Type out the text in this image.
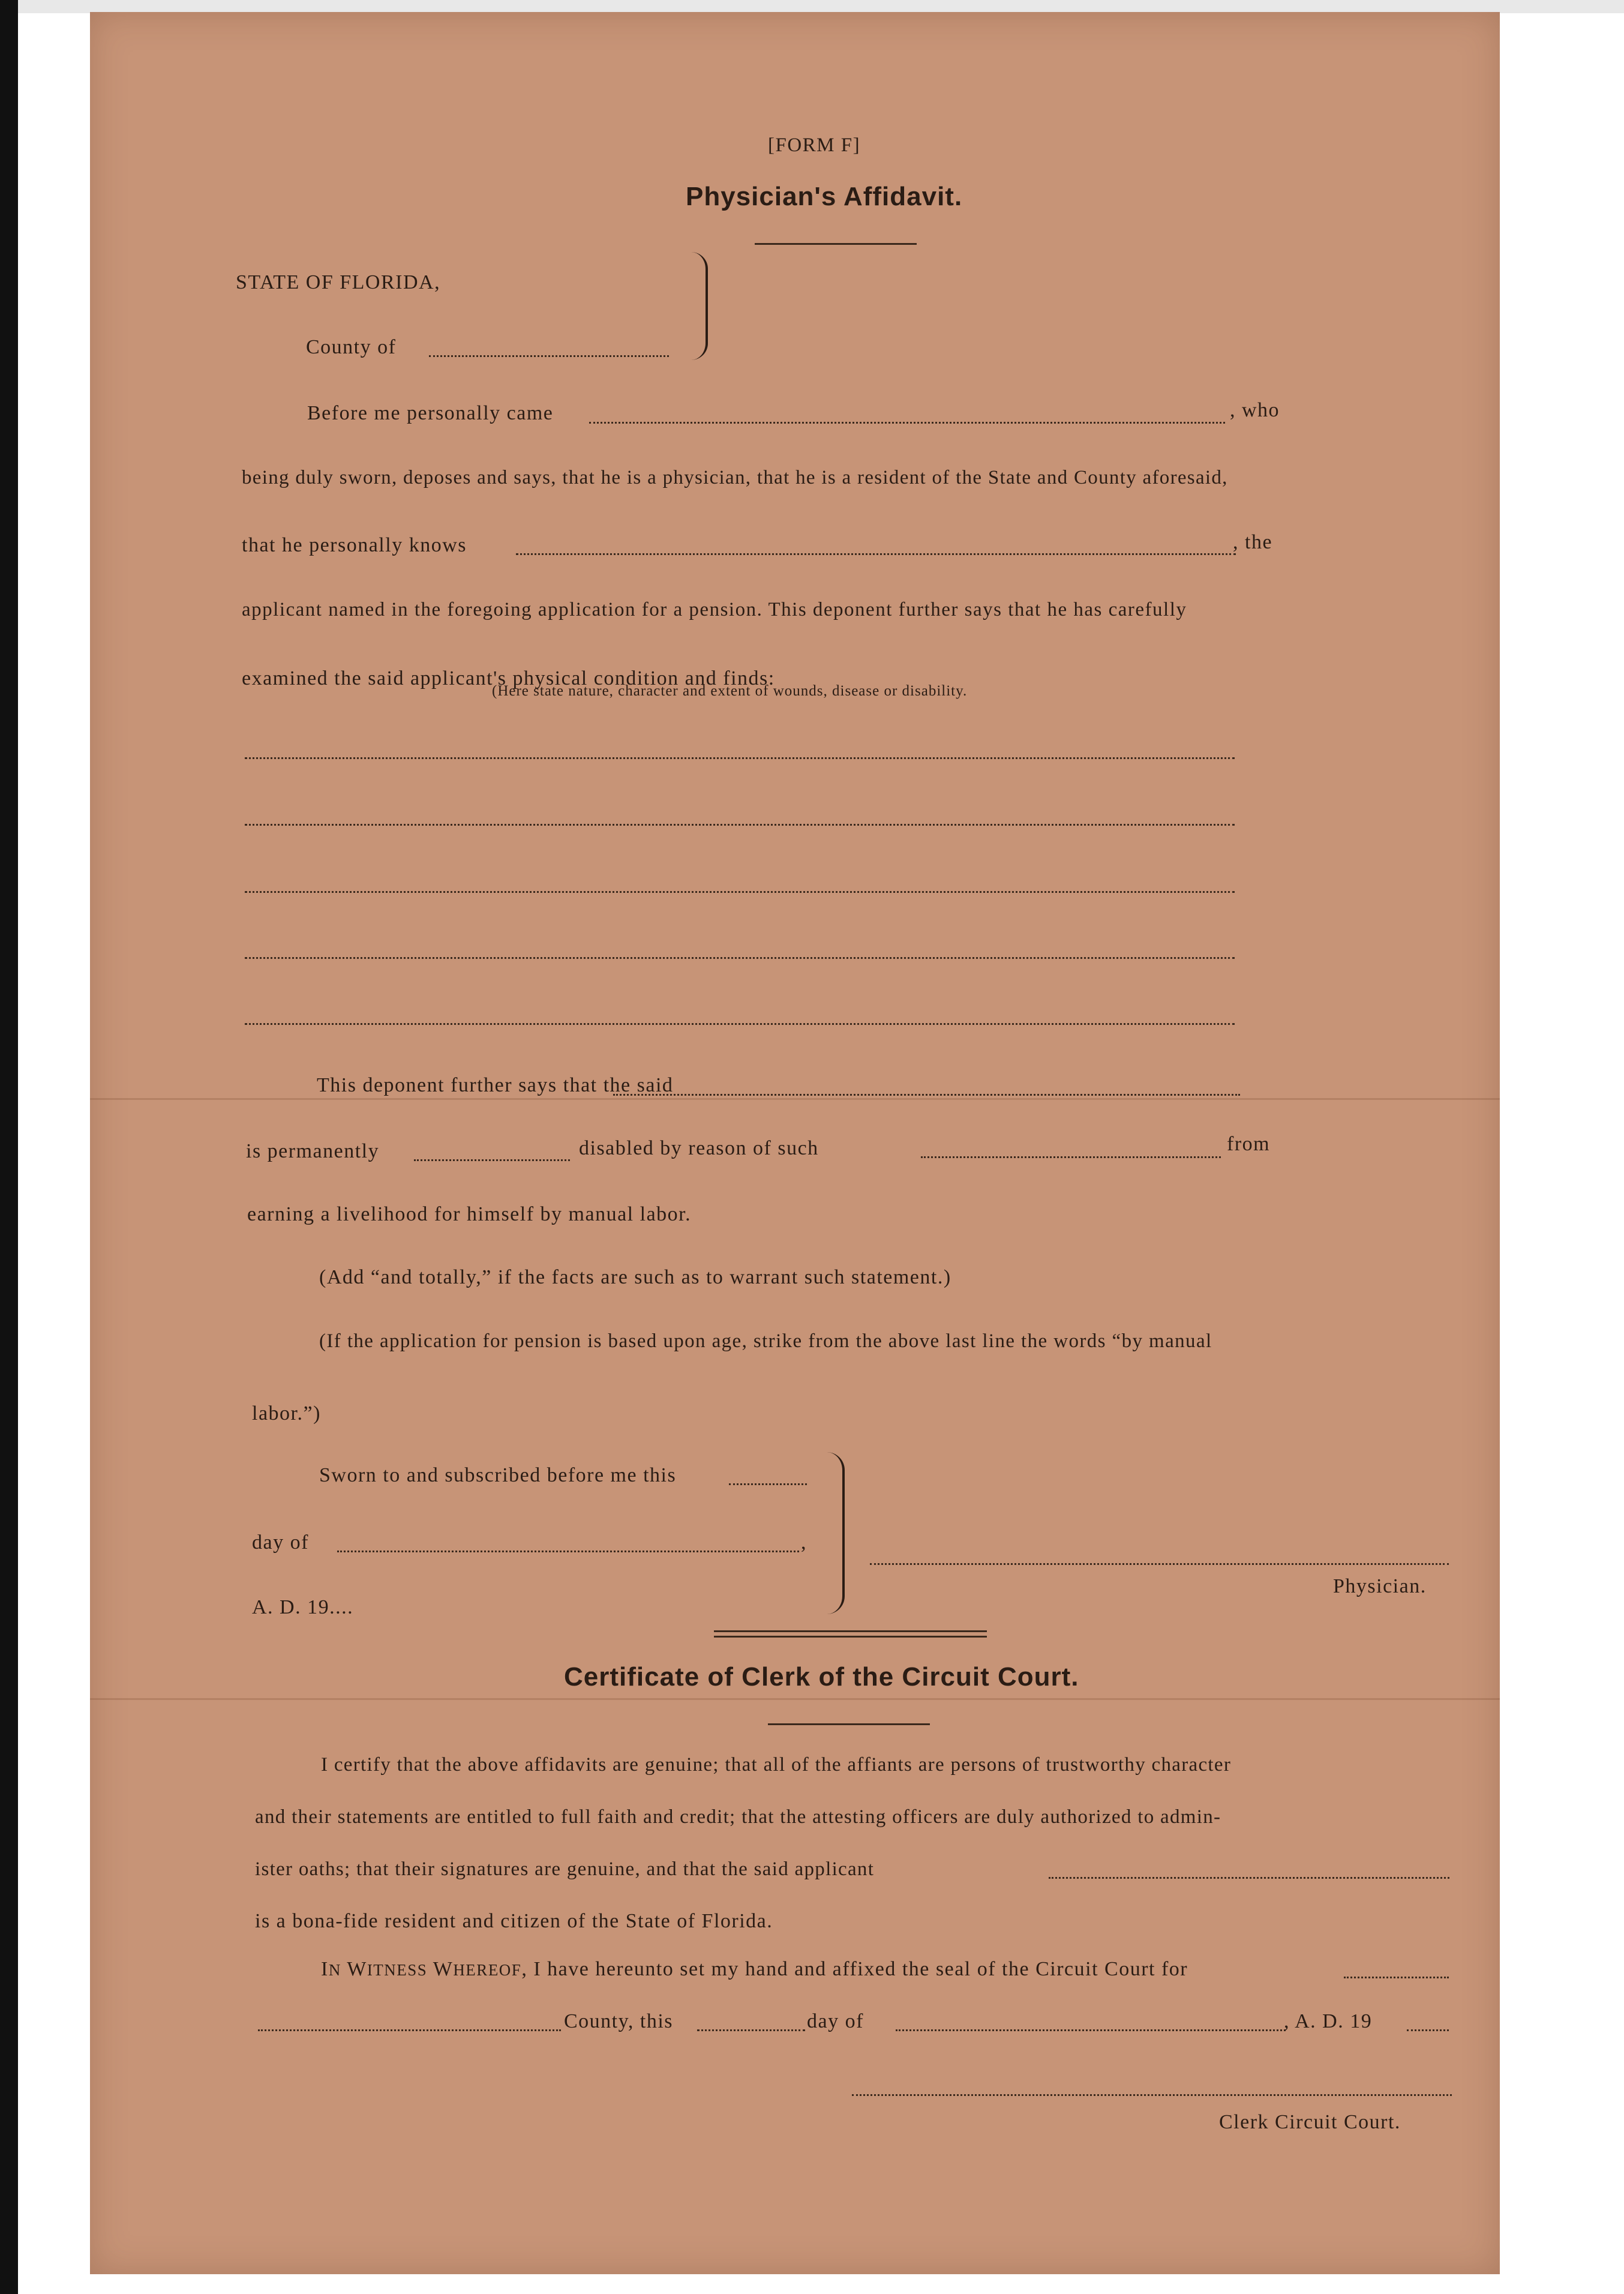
[FORM F]
Physician's Affidavit.
STATE OF FLORIDA,
County of
Before me personally came	, who
being duly sworn, deposes and says, that he is a physician, that he is a resident of the State and County aforesaid,
that he personally knows	, the
applicant named in the foregoing application for a pension. This deponent further says that he has carefully
examined the said applicant's physical condition and finds:
(Here state nature, character and extent of wounds, disease or disability.
This deponent further says that the said
is permanently	disabled by reason of such	from
earning a livelihood for himself by manual labor.
(Add “and totally,” if the facts are such as to warrant such statement.)
(If the application for pension is based upon age, strike from the above last line the words “by manual
labor.”)
Sworn to and subscribed before me this
day of	,
A. D. 19....
Physician.
Certificate of Clerk of the Circuit Court.
I certify that the above affidavits are genuine; that all of the affiants are persons of trustworthy character
and their statements are entitled to full faith and credit; that the attesting officers are duly authorized to admin-
ister oaths; that their signatures are genuine, and that the said applicant
is a bona-fide resident and citizen of the State of Florida.
IN WITNESS WHEREOF, I have hereunto set my hand and affixed the seal of the Circuit Court for
County, this	day of	, A. D. 19
Clerk Circuit Court.
